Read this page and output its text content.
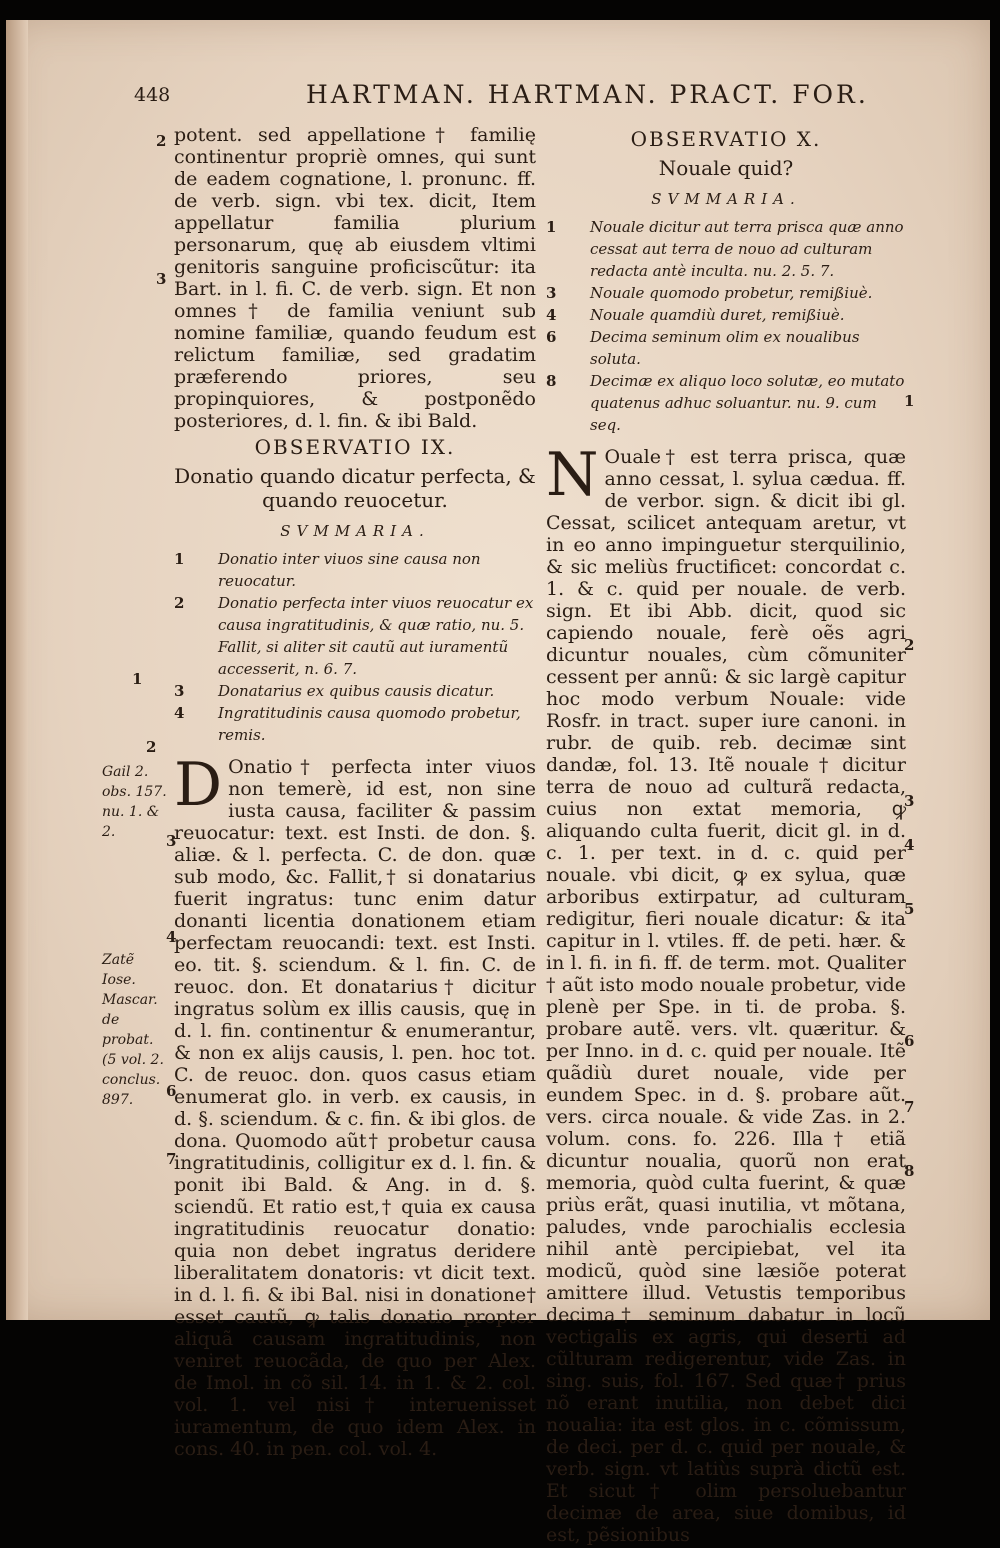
448	HARTMAN. HARTMAN. PRACT. FOR.
2
3
1
2
3
4
6
7
Gail 2. obs. 157. nu. 1. & 2.
Zatẽ Iose. Mascar. de probat. (5 vol. 2. conclus. 897.
1
2
3
4
5
6
7
8

potent. sed appellatione† familię continentur propriè omnes, qui sunt de eadem cognatione, l. pronunc. ff. de verb. sign. vbi tex. dicit, Item appellatur familia plurium personarum, quę ab eiusdem vltimi genitoris sanguine proficiscũtur: ita Bart. in l. fi. C. de verb. sign. Et non omnes† de familia veniunt sub nomine familiæ, quando feudum est relictum familiæ, sed gradatim præferendo priores, seu propinquiores, & postponẽdo posteriores, d. l. fin. & ibi Bald.

OBSERVATIO IX.
Donatio quando dicatur perfecta, & quando reuocetur.
SVMMARIA.
1 Donatio inter viuos sine causa non reuocatur.
2 Donatio perfecta inter viuos reuocatur ex causa ingratitudinis, & quæ ratio, nu. 5. Fallit, si aliter sit cautũ aut iuramentũ accesserit, n. 6. 7.
3 Donatarius ex quibus causis dicatur.
4 Ingratitudinis causa quomodo probetur, remis.

D Onatio† perfecta inter viuos non temerè, id est, non sine iusta causa, faciliter & passim reuocatur: text. est Insti. de don. §. aliæ. & l. perfecta. C. de don. quæ sub modo, &c. Fallit,† si donatarius fuerit ingratus: tunc enim datur donanti licentia donationem etiam perfectam reuocandi: text. est Insti. eo. tit. §. sciendum. & l. fin. C. de reuoc. don. Et donatarius† dicitur ingratus solùm ex illis causis, quę in d. l. fin. continentur & enumerantur, & non ex alijs causis, l. pen. hoc tot. C. de reuoc. don. quos casus etiam enumerat glo. in verb. ex causis, in d. §. sciendum. & c. fin. & ibi glos. de dona. Quomodo aũt† probetur causa ingratitudinis, colligitur ex d. l. fin. & ponit ibi Bald. & Ang. in d. §. sciendũ. Et ratio est,† quia ex causa ingratitudinis reuocatur donatio: quia non debet ingratus deridere liberalitatem donatoris: vt dicit text. in d. l. fi. & ibi Bal. nisi in donatione† esset cautũ, ꝙ talis donatio propter aliquã causam ingratitudinis, non veniret reuocãda, de quo per Alex. de Imol. in cõ sil. 14. in 1. & 2. col. vol. 1. vel nisi† interuenisset iuramentum, de quo idem Alex. in cons. 40. in pen. col. vol. 4.

OBSERVATIO X.
Nouale quid?
SVMMARIA.
1 Nouale dicitur aut terra prisca quæ anno cessat aut terra de nouo ad culturam redacta antè inculta. nu. 2. 5. 7.
3 Nouale quomodo probetur, remißiuè.
4 Nouale quamdiù duret, remißiuè.
6 Decima seminum olim ex noualibus soluta.
8 Decimæ ex aliquo loco solutæ, eo mutato quatenus adhuc soluantur. nu. 9. cum seq.

N Ouale† est terra prisca, quæ anno cessat, l. sylua cædua. ff. de verbor. sign. & dicit ibi gl. Cessat, scilicet antequam aretur, vt in eo anno impinguetur sterquilinio, & sic meliùs fructificet: concordat c. 1. & c. quid per nouale. de verb. sign. Et ibi Abb. dicit, quod sic capiendo nouale, ferè oẽs agri dicuntur nouales, cùm cõmuniter cessent per annũ: & sic largè capitur hoc modo verbum Nouale: vide Rosfr. in tract. super iure canoni. in rubr. de quib. reb. decimæ sint dandæ, fol. 13. Itẽ nouale † dicitur terra de nouo ad culturã redacta, cuius non extat memoria, ꝙ aliquando culta fuerit, dicit gl. in d. c. 1. per text. in d. c. quid per nouale. vbi dicit, ꝙ ex sylua, quæ arboribus extirpatur, ad culturam redigitur, fieri nouale dicatur: & ita capitur in l. vtiles. ff. de peti. hær. & in l. fi. in fi. ff. de term. mot. Qualiter † aũt isto modo nouale probetur, vide plenè per Spe. in ti. de proba. §. probare autẽ. vers. vlt. quæritur. & per Inno. in d. c. quid per nouale. Itẽ quãdiù duret nouale, vide per eundem Spec. in d. §. probare aũt. vers. circa nouale. & vide Zas. in 2. volum. cons. fo. 226. Illa† etiã dicuntur noualia, quorũ non erat memoria, quòd culta fuerint, & quæ priùs erãt, quasi inutilia, vt mõtana, paludes, vnde parochialis ecclesia nihil antè percipiebat, vel ita modicũ, quòd sine læsiõe poterat amittere illud. Vetustis temporibus decima† seminum dabatur in locũ vectigalis ex agris, qui deserti ad cũlturam redigerentur, vide Zas. in sing. suis, fol. 167. Sed quæ† prius nõ erant inutilia, non debet dici noualia: ita est glos. in c. cõmissum, de deci. per d. c. quid per nouale, & verb. sign. vt latiùs suprà dictũ est. Et sicut† olim persoluebantur decimæ de area, siue domibus, id est, pẽsionibus
